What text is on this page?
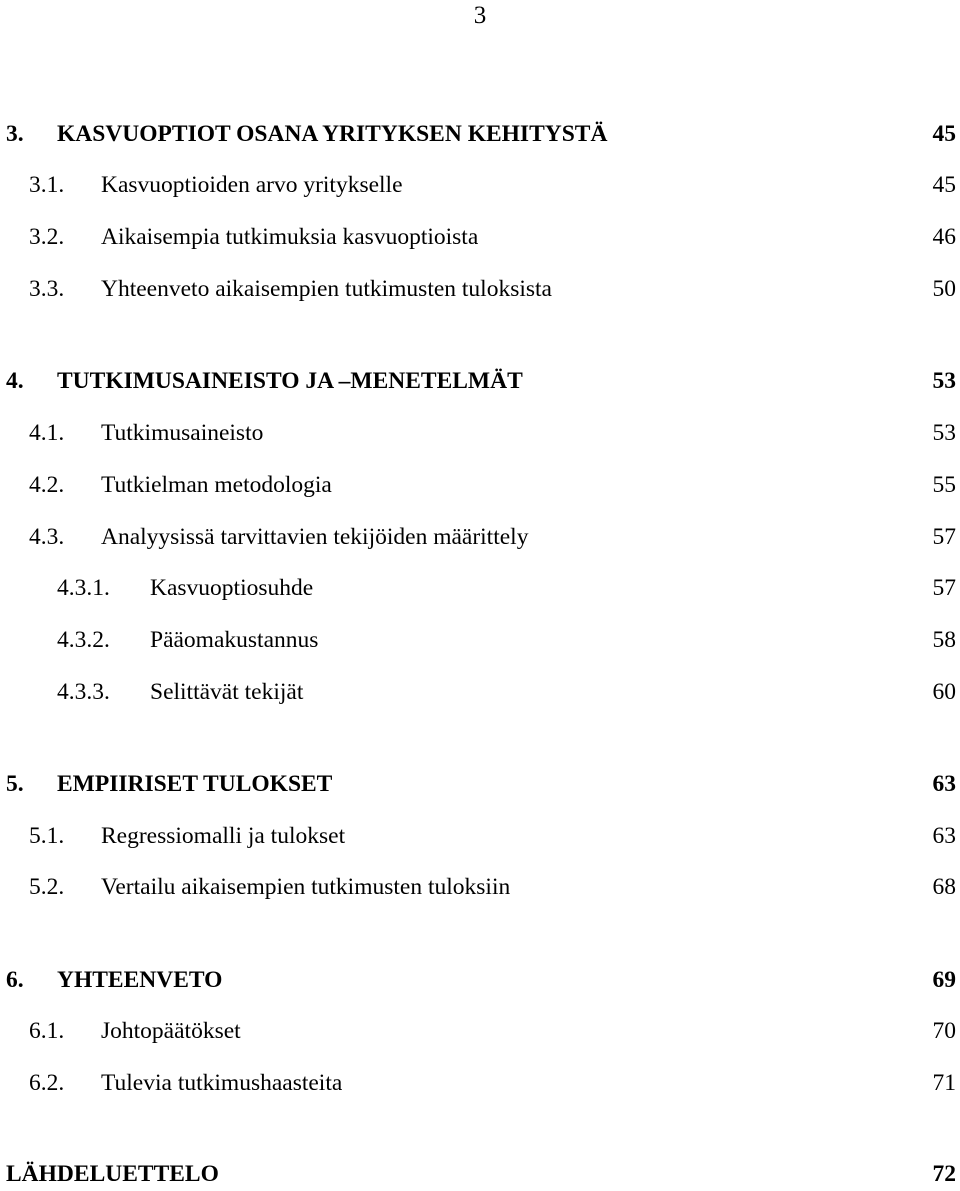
3
3. KASVUOPTIOT OSANA YRITYKSEN KEHITYSTÄ	45
3.1. Kasvuoptioiden arvo yritykselle	45
3.2. Aikaisempia tutkimuksia kasvuoptioista	46
3.3. Yhteenveto aikaisempien tutkimusten tuloksista	50
4. TUTKIMUSAINEISTO JA –MENETELMÄT	53
4.1. Tutkimusaineisto	53
4.2. Tutkielman metodologia	55
4.3. Analyysissä tarvittavien tekijöiden määrittely	57
4.3.1. Kasvuoptiosuhde	57
4.3.2. Pääomakustannus	58
4.3.3. Selittävät tekijät	60
5. EMPIIRISET TULOKSET	63
5.1. Regressiomalli ja tulokset	63
5.2. Vertailu aikaisempien tutkimusten tuloksiin	68
6. YHTEENVETO	69
6.1. Johtopäätökset	70
6.2. Tulevia tutkimushaasteita	71
LÄHDELUETTELO	72
